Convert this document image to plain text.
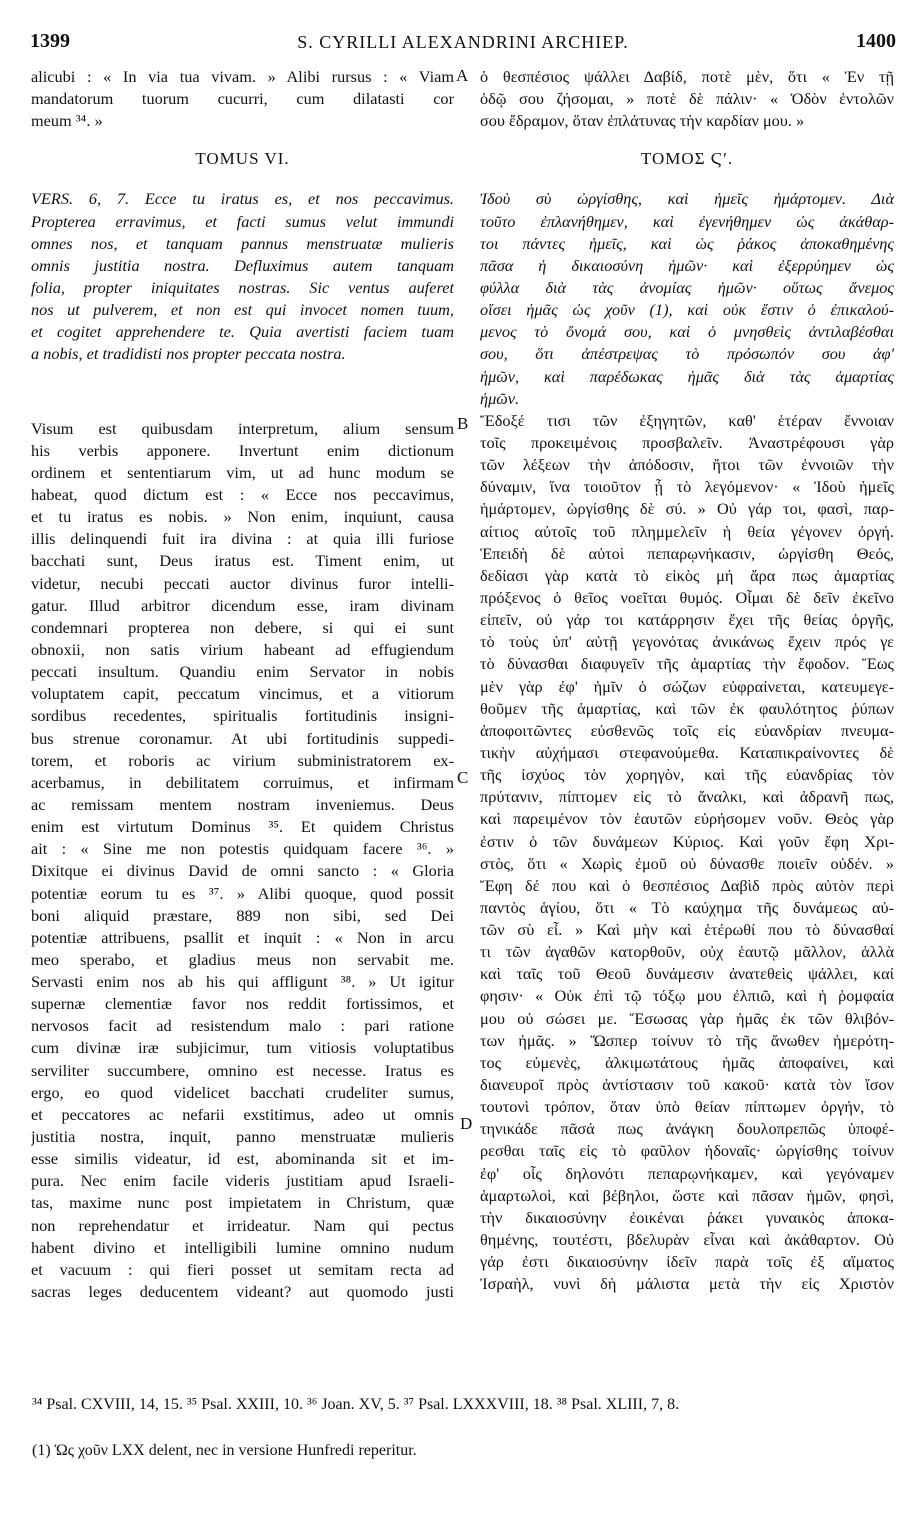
1399	S. CYRILLI ALEXANDRINI ARCHIEP.	1400
alicubi : « In via tua vivam. » Alibi rursus : « Viam
mandatorum tuorum cucurri, cum dilatasti cor
meum ³⁴. »
TOMUS VI.
VERS. 6, 7. Ecce tu iratus es, et nos peccavimus.
Propterea erravimus, et facti sumus velut immundi
omnes nos, et tanquam pannus menstruatæ mulieris
omnis justitia nostra. Defluximus autem tanquam
folia, propter iniquitates nostras. Sic ventus auferet
nos ut pulverem, et non est qui invocet nomen tuum,
et cogitet apprehendere te. Quia avertisti faciem tuam
a nobis, et tradidisti nos propter peccata nostra.
Visum est quibusdam interpretum, alium sensum
his verbis apponere. Invertunt enim dictionum
ordinem et sententiarum vim, ut ad hunc modum se
habeat, quod dictum est : « Ecce nos peccavimus,
et tu iratus es nobis. » Non enim, inquiunt, causa
illis delinquendi fuit ira divina : at quia illi furiose
bacchati sunt, Deus iratus est. Timent enim, ut
videtur, necubi peccati auctor divinus furor intelli-
gatur. Illud arbitror dicendum esse, iram divinam
condemnari propterea non debere, si qui ei sunt
obnoxii, non satis virium habeant ad effugiendum
peccati insultum. Quandiu enim Servator in nobis
voluptatem capit, peccatum vincimus, et a vitiorum
sordibus recedentes, spiritualis fortitudinis insigni-
bus strenue coronamur. At ubi fortitudinis suppedi-
torem, et roboris ac virium subministratorem ex-
acerbamus, in debilitatem corruimus, et infirmam
ac remissam mentem nostram inveniemus. Deus
enim est virtutum Dominus ³⁵. Et quidem Christus
ait : « Sine me non potestis quidquam facere ³⁶. »
Dixitque ei divinus David de omni sancto : « Gloria
potentiæ eorum tu es ³⁷. » Alibi quoque, quod possit
boni aliquid præstare, 889 non sibi, sed Dei
potentiæ attribuens, psallit et inquit : « Non in arcu
meo sperabo, et gladius meus non servabit me.
Servasti enim nos ab his qui affligunt ³⁸. » Ut igitur
supernæ clementiæ favor nos reddit fortissimos, et
nervosos facit ad resistendum malo : pari ratione
cum divinæ iræ subjicimur, tum vitiosis voluptatibus
serviliter succumbere, omnino est necesse. Iratus es
ergo, eo quod videlicet bacchati crudeliter sumus,
et peccatores ac nefarii exstitimus, adeo ut omnis
justitia nostra, inquit, panno menstruatæ mulieris
esse similis videatur, id est, abominanda sit et im-
pura. Nec enim facile videris justitiam apud Israeli-
tas, maxime nunc post impietatem in Christum, quæ
non reprehendatur et irrideatur. Nam qui pectus
habent divino et intelligibili lumine omnino nudum
et vacuum : qui fieri posset ut semitam recta ad
sacras leges deducentem videant? aut quomodo justi
ὁ θεσπέσιος ψάλλει Δαβίδ, ποτὲ μὲν, ὅτι « Ἐν τῇ
ὁδῷ σου ζήσομαι, » ποτὲ δὲ πάλιν· « Ὁδὸν ἐντολῶν
σου ἔδραμον, ὅταν ἐπλάτυνας τὴν καρδίαν μου. »
ΤΟΜΟΣ Ϛʹ.
Ἰδοὺ σὺ ὠργίσθης, καὶ ἡμεῖς ἡμάρτομεν. Διὰ
τοῦτο ἐπλανήθημεν, καὶ ἐγενήθημεν ὡς ἀκάθαρ-
τοι πάντες ἡμεῖς, καὶ ὡς ῥάκος ἀποκαθημένης
πᾶσα ἡ δικαιοσύνη ἡμῶν· καὶ ἐξερρύημεν ὡς
φύλλα διὰ τὰς ἀνομίας ἡμῶν· οὕτως ἄνεμος
οἴσει ἡμᾶς ὡς χοῦν (1), καὶ οὐκ ἔστιν ὁ ἐπικαλού-
μενος τὸ ὄνομά σου, καὶ ὁ μνησθεὶς ἀντιλαβέσθαι
σου, ὅτι ἀπέστρεψας τὸ πρόσωπόν σου ἀφ'
ἡμῶν, καὶ παρέδωκας ἡμᾶς διὰ τὰς ἁμαρτίας
ἡμῶν.
Ἔδοξέ τισι τῶν ἐξηγητῶν, καθ' ἑτέραν ἔννοιαν
τοῖς προκειμένοις προσβαλεῖν. Ἀναστρέφουσι γὰρ
τῶν λέξεων τὴν ἀπόδοσιν, ἤτοι τῶν ἐννοιῶν τὴν
δύναμιν, ἵνα τοιοῦτον ᾖ τὸ λεγόμενον· « Ἰδοὺ ἡμεῖς
ἡμάρτομεν, ὠργίσθης δὲ σύ. » Οὐ γάρ τοι, φασὶ, παρ-
αίτιος αὐτοῖς τοῦ πλημμελεῖν ἡ θεία γέγονεν ὀργή.
Ἐπειδὴ δὲ αὐτοὶ πεπαρῳνήκασιν, ὠργίσθη Θεός,
δεδίασι γὰρ κατὰ τὸ εἰκὸς μή ἄρα πως ἁμαρτίας
πρόξενος ὁ θεῖος νοεῖται θυμός. Οἶμαι δὲ δεῖν ἐκεῖνο
εἰπεῖν, οὐ γάρ τοι κατάρρησιν ἔχει τῆς θείας ὀργῆς,
τὸ τοὺς ὑπ' αὐτῇ γεγονότας ἀνικάνως ἔχειν πρός γε
τὸ δύνασθαι διαφυγεῖν τῆς ἁμαρτίας τὴν ἔφοδον. Ἕως
μὲν γὰρ ἐφ' ἡμῖν ὁ σώζων εὐφραίνεται, κατευμεγε-
θοῦμεν τῆς ἁμαρτίας, καὶ τῶν ἐκ φαυλότητος ῥύπων
ἀποφοιτῶντες εὐσθενῶς τοῖς εἰς εὐανδρίαν πνευμα-
τικὴν αὐχήμασι στεφανούμεθα. Καταπικραίνοντες δὲ
τῆς ἰσχύος τὸν χορηγὸν, καὶ τῆς εὐανδρίας τὸν
πρύτανιν, πίπτομεν εἰς τὸ ἄναλκι, καὶ ἀδρανῆ πως,
καὶ παρειμένον τὸν ἑαυτῶν εὑρήσομεν νοῦν. Θεὸς γὰρ
ἐστιν ὁ τῶν δυνάμεων Κύριος. Καὶ γοῦν ἔφη Χρι-
στὸς, ὅτι « Χωρὶς ἐμοῦ οὐ δύνασθε ποιεῖν οὐδέν. »
Ἔφη δέ που καὶ ὁ θεσπέσιος Δαβὶδ πρὸς αὐτὸν περὶ
παντὸς ἁγίου, ὅτι « Τὸ καύχημα τῆς δυνάμεως αὐ-
τῶν σὺ εἶ. » Καὶ μὴν καὶ ἑτέρωθί που τὸ δύνασθαί
τι τῶν ἀγαθῶν κατορθοῦν, οὐχ ἑαυτῷ μᾶλλον, ἀλλὰ
καὶ ταῖς τοῦ Θεοῦ δυνάμεσιν ἀνατεθεὶς ψάλλει, καί
φησιν· « Οὐκ ἐπὶ τῷ τόξῳ μου ἐλπιῶ, καὶ ἡ ῥομφαία
μου οὐ σώσει με. Ἔσωσας γὰρ ἡμᾶς ἐκ τῶν θλιβόν-
των ἡμᾶς. » Ὥσπερ τοίνυν τὸ τῆς ἄνωθεν ἡμερότη-
τος εὐμενὲς, ἀλκιμωτάτους ἡμᾶς ἀποφαίνει, καὶ
διανευροῖ πρὸς ἀντίστασιν τοῦ κακοῦ· κατὰ τὸν ἴσον
τουτονὶ τρόπον, ὅταν ὑπὸ θείαν πίπτωμεν ὀργήν, τὸ
τηνικάδε πᾶσά πως ἀνάγκη δουλοπρεπῶς ὑποφέ-
ρεσθαι ταῖς εἰς τὸ φαῦλον ἡδοναῖς· ὠργίσθης τοίνυν
ἐφ' οἷς δηλονότι πεπαρῳνήκαμεν, καὶ γεγόναμεν
ἁμαρτωλοὶ, καὶ βέβηλοι, ὥστε καὶ πᾶσαν ἡμῶν, φησὶ,
τὴν δικαιοσύνην ἐοικέναι ῥάκει γυναικὸς ἀποκα-
θημένης, τουτέστι, βδελυρὰν εἶναι καὶ ἀκάθαρτον. Οὐ
γάρ ἐστι δικαιοσύνην ἰδεῖν παρὰ τοῖς ἐξ αἵματος
Ἰσραὴλ, νυνὶ δὴ μάλιστα μετὰ τὴν εἰς Χριστὸν
A
B
C
D
³⁴ Psal. CXVIII, 14, 15. ³⁵ Psal. XXIII, 10. ³⁶ Joan. XV, 5. ³⁷ Psal. LXXXVIII, 18. ³⁸ Psal. XLIII, 7, 8.
(1) Ὡς χοῦν LXX delent, nec in versione Hunfredi reperitur.
